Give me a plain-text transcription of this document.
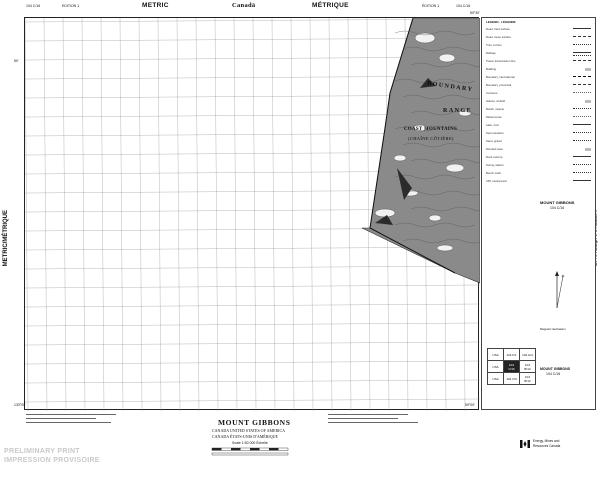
104 C/16	EDITION 1	METRIC	Canadä	MÉTRIQUE	ÉDITION 1	104 C/16
METRIC/MÉTRIQUE
59°30'
133°00'	59°00'
50'
BOUNDARY
RANGE
COAST MOUNTAINS
(CHAÎNE CÔTIÈRE)
LEGEND · LÉGENDE
Road, hard surface
Road, loose surface
Trail, cut line
Railway
Power transmission line
Building
Boundary, international
Boundary, provincial
Contours
Glacier, icefield
Marsh, swamp
Watercourse
Lake, river
Spot elevation
Sand, gravel
Wooded area
Rock outcrop
Survey station
Bench mark
Cliff, escarpment
MOUNT GIBBONS
104 C/16
Magnetic declination
USA	104 F/1	104 G/4
USA	104 C/16	104 B/13
USA	104 C/9	104 B/12
MOUNT GIBBONS
104 C/16
MOUNT GIBBONS
CANADA UNITED STATES OF AMERICA
CANADA ÉTATS-UNIS D'AMÉRIQUE
Scale 1:50 000 Échelle
PRELIMINARY PRINT
IMPRESSION PROVISOIRE
Energy, Mines and
Resources Canada
